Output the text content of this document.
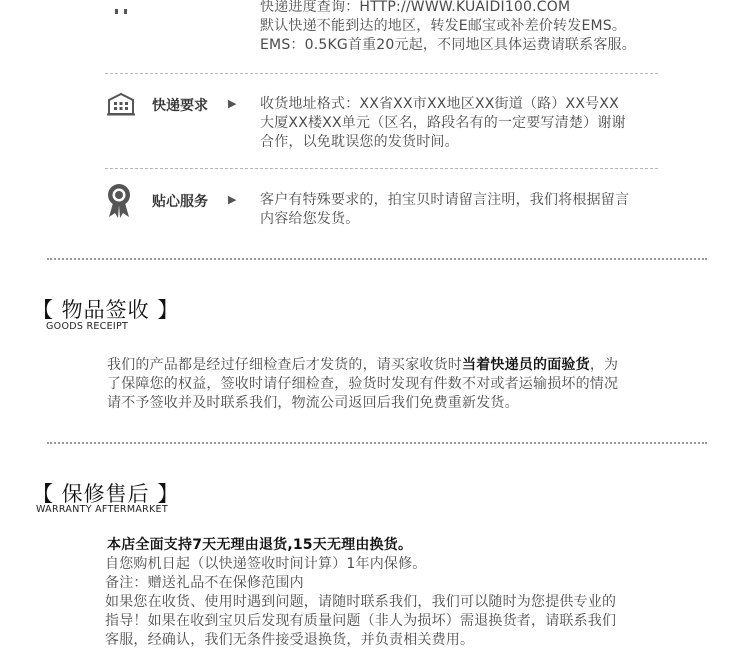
快递进度查询：HTTP://WWW.KUAIDI100.COM
默认快递不能到达的地区，转发E邮宝或补差价转发EMS。
EMS：0.5KG首重20元起，不同地区具体运费请联系客服。
快递要求 ▶ 收货地址格式：XX省XX市XX地区XX街道（路）XX号XX
大厦XX楼XX单元（区名，路段名有的一定要写清楚）谢谢
合作，以免耽误您的发货时间。
贴心服务 ▶ 客户有特殊要求的，拍宝贝时请留言注明，我们将根据留言
内容给您发货。
【 物品签收 】
GOODS RECEIPT
我们的产品都是经过仔细检查后才发货的，请买家收货时当着快递员的面验货，为
了保障您的权益，签收时请仔细检查，验货时发现有件数不对或者运输损坏的情况
请不予签收并及时联系我们，物流公司返回后我们免费重新发货。
【 保修售后 】
WARRANTY AFTERMARKET
本店全面支持7天无理由退货,15天无理由换货。
自您购机日起（以快递签收时间计算）1年内保修。
备注：赠送礼品不在保修范围内
如果您在收货、使用时遇到问题，请随时联系我们，我们可以随时为您提供专业的
指导！如果在收到宝贝后发现有质量问题（非人为损坏）需退换货者，请联系我们
客服，经确认，我们无条件接受退换货，并负责相关费用。
